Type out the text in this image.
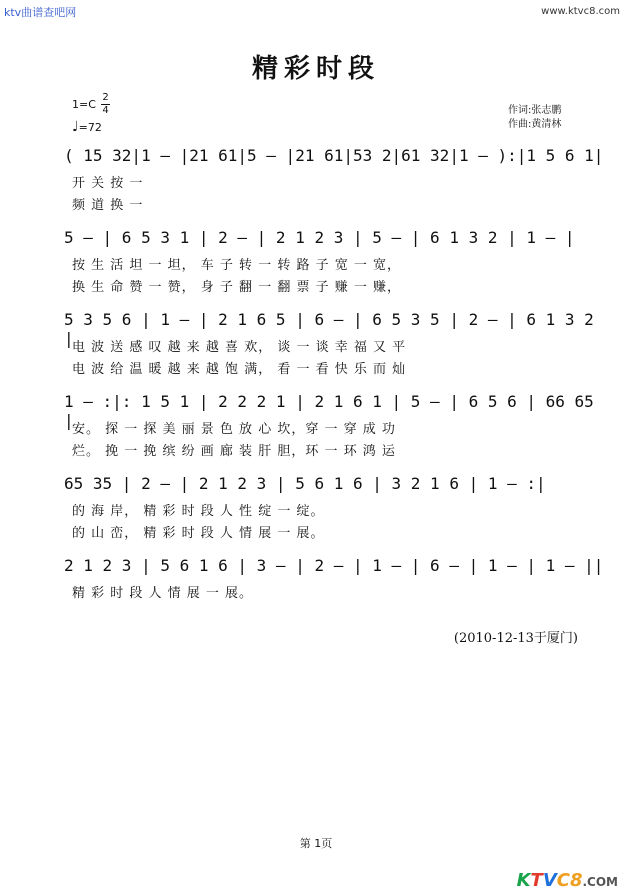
ktv曲谱查吧网	www.ktvc8.com
精彩时段
1=C
2
4
♩=72
作词:张志鹏
作曲:黄清林
( 15 32|1 – |21 61|5 – |21 61|53 2|61 32|1 – ):|1 5 6 1|
开 关 按 一
频 道 换 一
5 – | 6 5 3 1 | 2 – | 2 1 2 3 | 5 – | 6 1 3 2 | 1 – |
按 生 活 坦 一 坦， 车 子 转 一 转 路 子 宽 一 宽，
换 生 命 赞 一 赞， 身 子 翻 一 翻 票 子 赚 一 赚，
5 3 5 6 | 1 – | 2 1 6 5 | 6 – | 6 5 3 5 | 2 – | 6 1 3 2 |
电 波 送 感 叹 越 来 越 喜 欢， 谈 一 谈 幸 福 又 平
电 波 给 温 暖 越 来 越 饱 满， 看 一 看 快 乐 而 灿
1 – :|: 1 5 1 | 2 2 2 1 | 2 1 6 1 | 5 – | 6 5 6 | 66 65 |
安。 探 一 探 美 丽 景 色 放 心 坎，穿 一 穿 成 功
烂。 挽 一 挽 缤 纷 画 廊 装 肝 胆，环 一 环 鸿 运
65 35 | 2 – | 2 1 2 3 | 5 6 1 6 | 3 2 1 6 | 1 – :|
的 海 岸， 精 彩 时 段 人 性 绽 一 绽。
的 山 峦， 精 彩 时 段 人 情 展 一 展。
2 1 2 3 | 5 6 1 6 | 3 – | 2 – | 1 – | 6 – | 1 – | 1 – ||
精 彩 时 段 人 情 展 一 展。
(2010-12-13于厦门)
第 1页
KTVC8.COM
